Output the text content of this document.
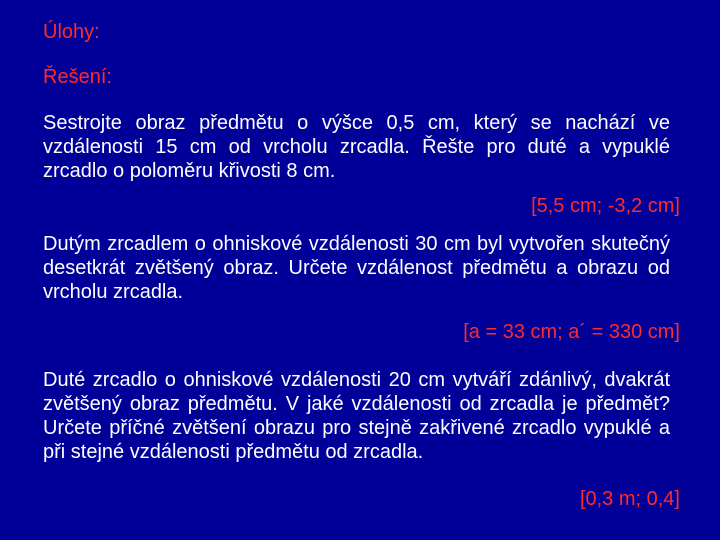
Úlohy:

Řešení:

Sestrojte obraz předmětu o výšce 0,5 cm, který se nachází ve vzdálenosti 15 cm od vrcholu zrcadla. Řešte pro duté a vypuklé zrcadlo o poloměru křivosti 8 cm.

[5,5 cm; -3,2 cm]

Dutým zrcadlem o ohniskové vzdálenosti 30 cm byl vytvořen skutečný desetkrát zvětšený obraz. Určete vzdálenost předmětu a obrazu od vrcholu zrcadla.

[a = 33 cm; a´ = 330 cm]

Duté zrcadlo o ohniskové vzdálenosti 20 cm vytváří zdánlivý, dvakrát zvětšený obraz předmětu. V jaké vzdálenosti od zrcadla je předmět? Určete příčné zvětšení obrazu pro stejně zakřivené zrcadlo vypuklé a při stejné vzdálenosti předmětu od zrcadla.

[0,3 m; 0,4]
